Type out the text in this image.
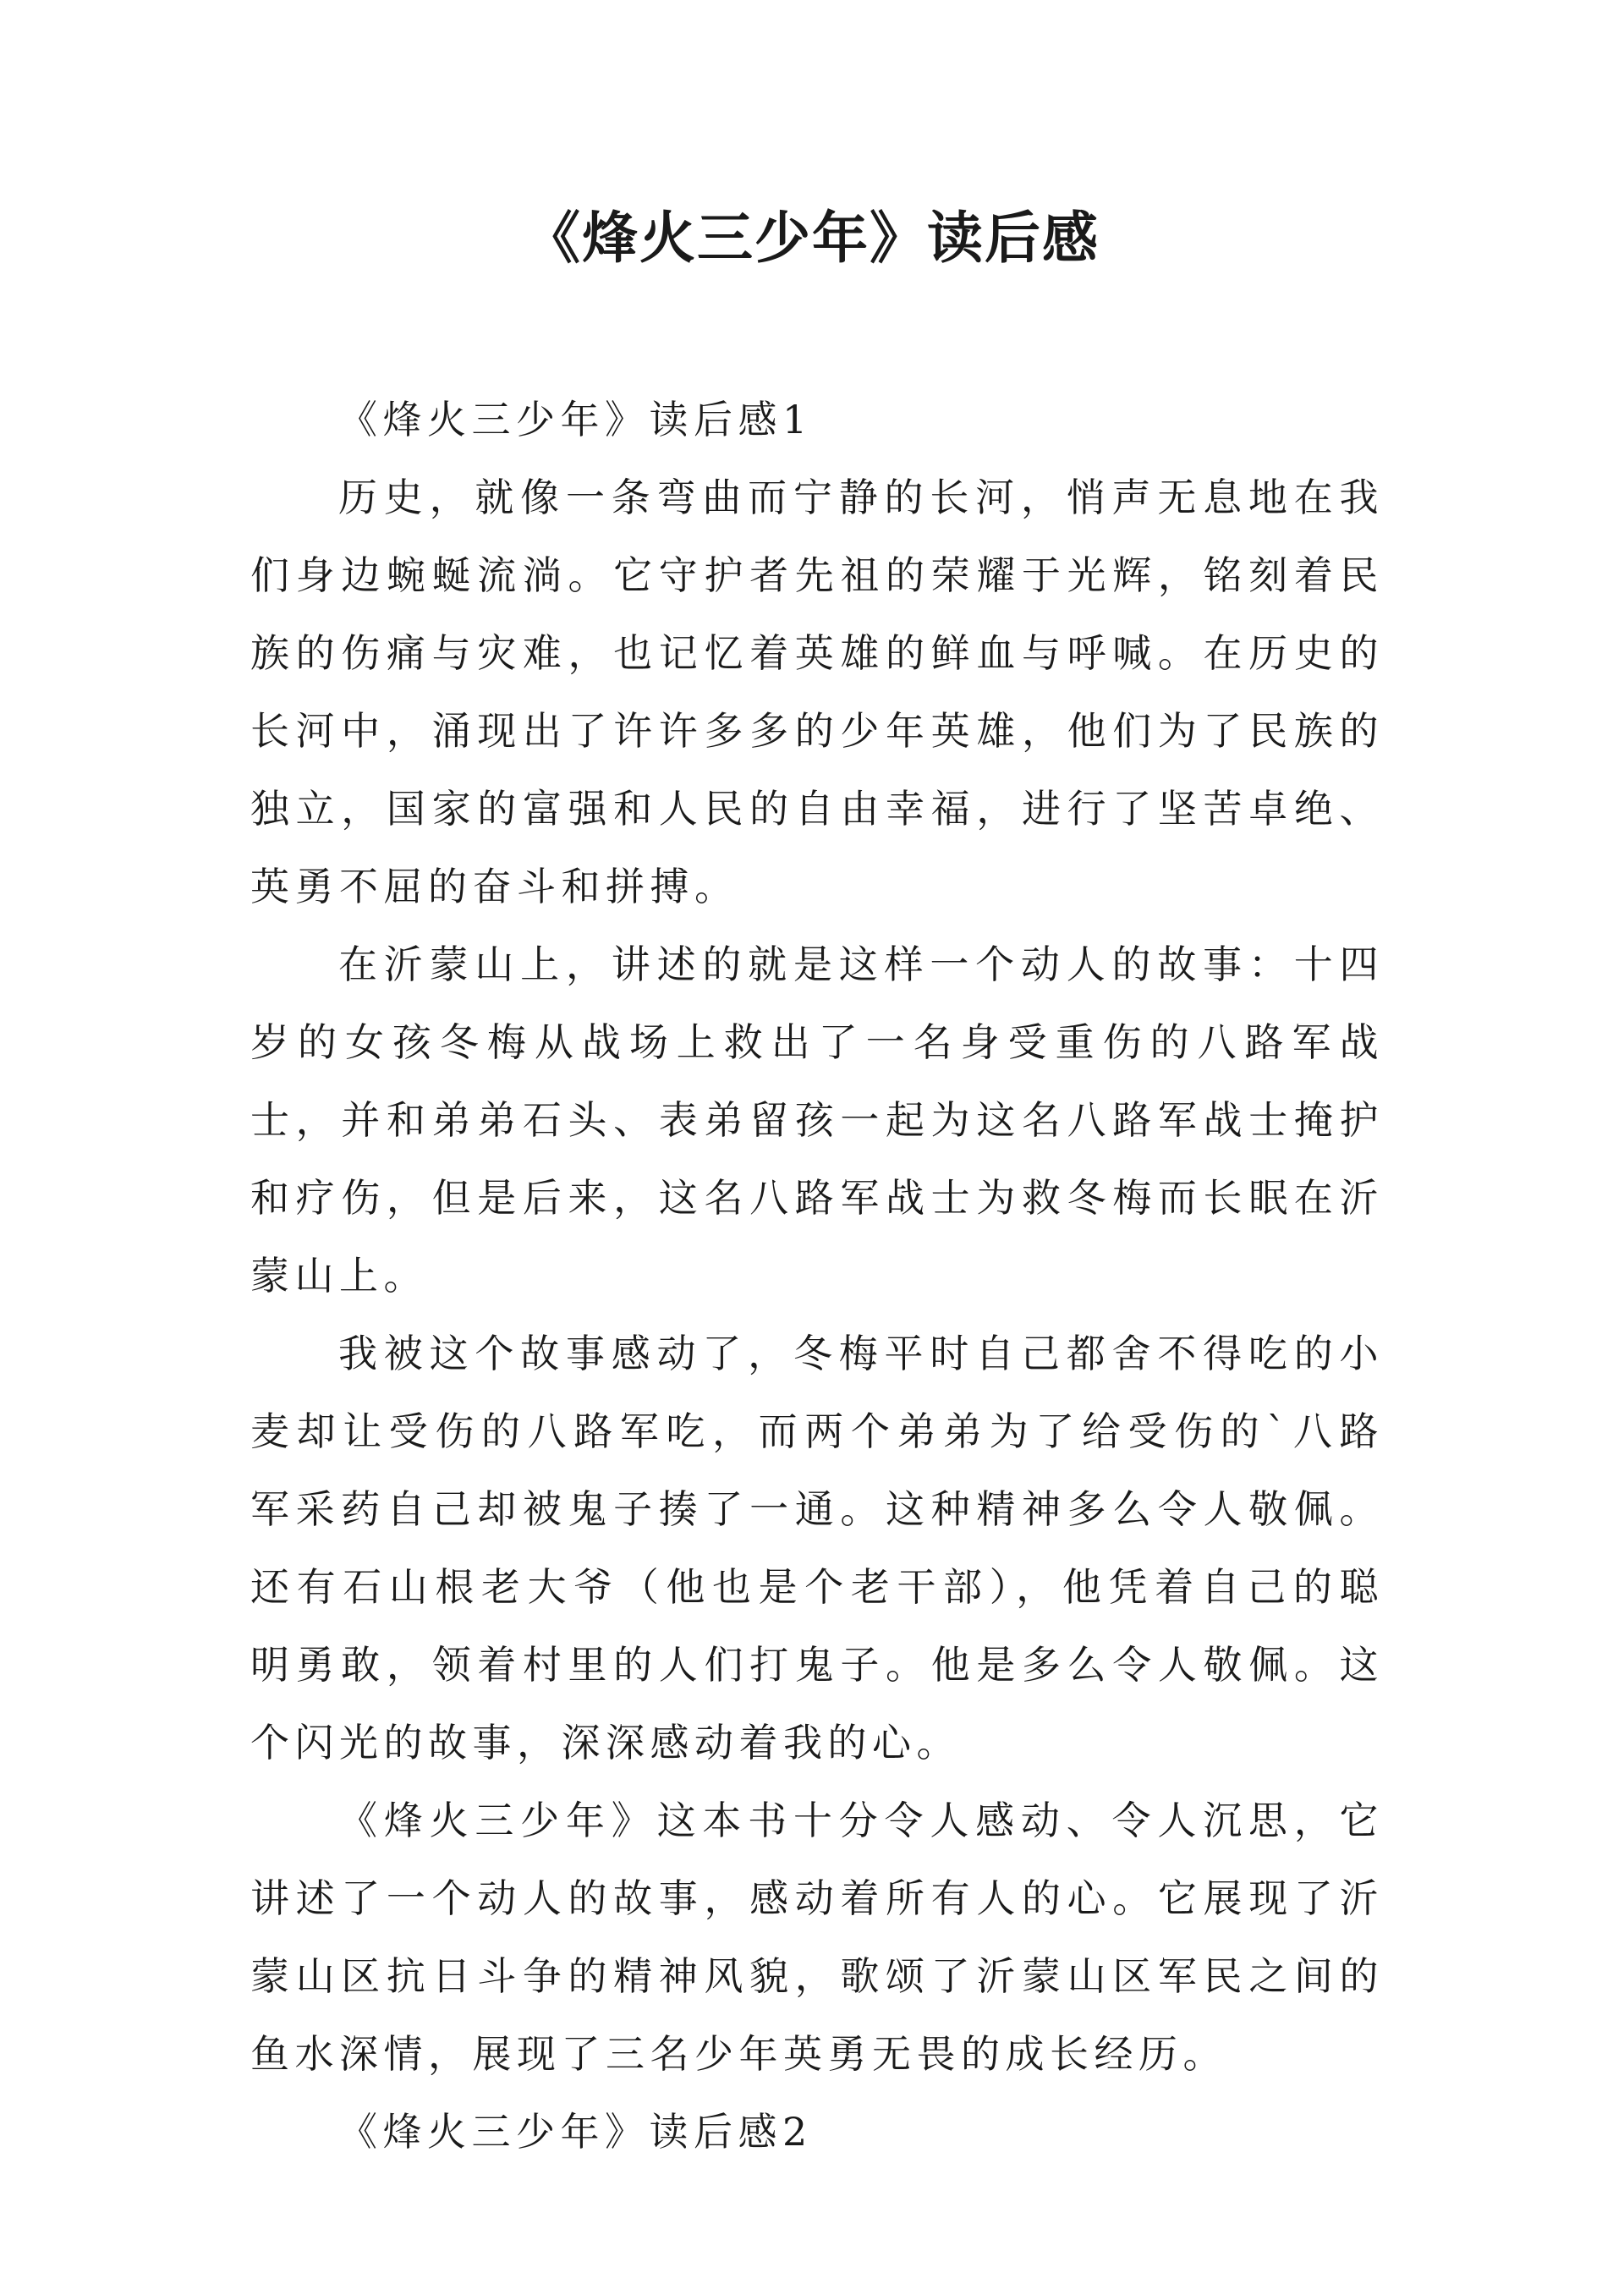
《烽火三少年》读后感

《烽火三少年》读后感1

历史，就像一条弯曲而宁静的长河，悄声无息地在我们身边蜿蜒流淌。它守护者先祖的荣耀于光辉，铭刻着民族的伤痛与灾难，也记忆着英雄的鲜血与呼喊。在历史的长河中，涌现出了许许多多的少年英雄，他们为了民族的独立，国家的富强和人民的自由幸福，进行了坚苦卓绝、英勇不屈的奋斗和拼搏。

在沂蒙山上，讲述的就是这样一个动人的故事：十四岁的女孩冬梅从战场上救出了一名身受重伤的八路军战士，并和弟弟石头、表弟留孩一起为这名八路军战士掩护和疗伤，但是后来，这名八路军战士为救冬梅而长眠在沂蒙山上。

我被这个故事感动了，冬梅平时自己都舍不得吃的小麦却让受伤的八路军吃，而两个弟弟为了给受伤的`八路军采药自己却被鬼子揍了一通。这种精神多么令人敬佩。还有石山根老大爷（他也是个老干部），他凭着自己的聪明勇敢，领着村里的人们打鬼子。他是多么令人敬佩。这个闪光的故事，深深感动着我的心。

《烽火三少年》这本书十分令人感动、令人沉思，它讲述了一个动人的故事，感动着所有人的心。它展现了沂蒙山区抗日斗争的精神风貌，歌颂了沂蒙山区军民之间的鱼水深情，展现了三名少年英勇无畏的成长经历。

《烽火三少年》读后感2
